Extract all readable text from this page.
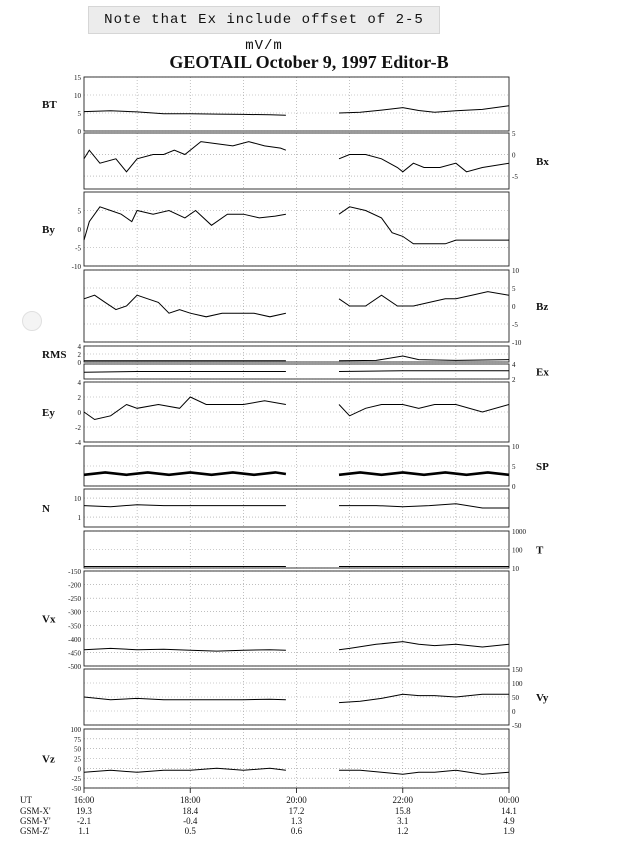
Note that Ex include offset of 2-5 mV/m
GEOTAIL October 9, 1997 Editor-B
0
5
10
15
BT
-5
0
5
Bx
-10
-5
0
5
By
-10
-5
0
5
10
Bz
0
2
4
RMS
2
4
Ex
-4
-2
0
2
4
Ey
0
5
10
SP
1
10
N
10
100
1000
T
-500
-450
-400
-350
-300
-250
-200
-150
Vx
-50
0
50
100
150
Vy
-50
-25
0
25
50
75
100
Vz
UT
GSM-X'
GSM-Y'
GSM-Z'
16:00
19.3
-2.1
1.1
18:00
18.4
-0.4
0.5
20:00
17.2
1.3
0.6
22:00
15.8
3.1
1.2
00:00
14.1
4.9
1.9
